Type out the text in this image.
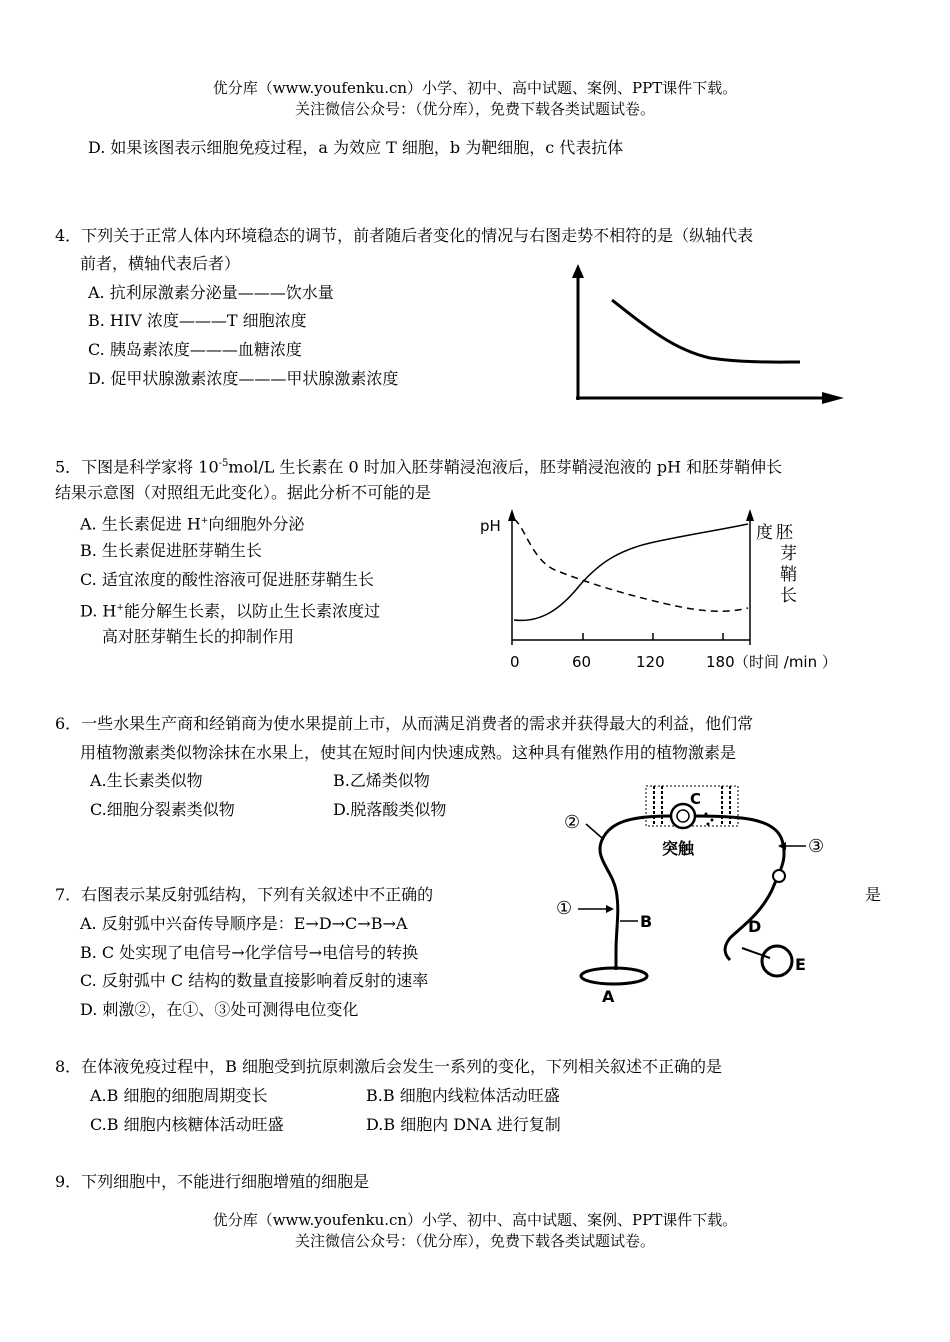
优分库（www.youfenku.cn）小学、初中、高中试题、案例、PPT课件下载。
关注微信公众号：（优分库），免费下载各类试题试卷。
D. 如果该图表示细胞免疫过程，a 为效应 T 细胞，b 为靶细胞，c 代表抗体
4．下列关于正常人体内环境稳态的调节，前者随后者变化的情况与右图走势不相符的是（纵轴代表
前者，横轴代表后者）
A. 抗利尿激素分泌量———饮水量
B. HIV 浓度———T 细胞浓度
C. 胰岛素浓度———血糖浓度
D. 促甲状腺激素浓度———甲状腺激素浓度
5．下图是科学家将 $10^{-5}mol/L$ 生长素在 0 时加入胚芽鞘浸泡液后，胚芽鞘浸泡液的 pH 和胚芽鞘伸长
结果示意图（对照组无此变化）。据此分析不可能的是
A. 生长素促进 H+向细胞外分泌
B. 生长素促进胚芽鞘生长
C. 适宜浓度的酸性溶液可促进胚芽鞘生长
D. H+能分解生长素，以防止生长素浓度过
高对胚芽鞘生长的抑制作用
pH
0	60	120	180 （时间 /min ）
度 胚
芽
鞘
长
6．一些水果生产商和经销商为使水果提前上市，从而满足消费者的需求并获得最大的利益，他们常
用植物激素类似物涂抹在水果上，使其在短时间内快速成熟。这种具有催熟作用的植物激素是
A.生长素类似物	B.乙烯类似物
C.细胞分裂素类似物	D.脱落酸类似物
7．右图表示某反射弧结构，下列有关叙述中不正确的	是
A. 反射弧中兴奋传导顺序是：E→D→C→B→A
B. C 处实现了电信号→化学信号→电信号的转换
C. 反射弧中 C 结构的数量直接影响着反射的速率
D. 刺激②，在①、③处可测得电位变化
C
突触
②
③
①
B	D
E
A
8．在体液免疫过程中，B 细胞受到抗原刺激后会发生一系列的变化，下列相关叙述不正确的是
A.B 细胞的细胞周期变长	B.B 细胞内线粒体活动旺盛
C.B 细胞内核糖体活动旺盛	D.B 细胞内 DNA 进行复制
9．下列细胞中，不能进行细胞增殖的细胞是
优分库（www.youfenku.cn）小学、初中、高中试题、案例、PPT课件下载。
关注微信公众号：（优分库），免费下载各类试题试卷。
